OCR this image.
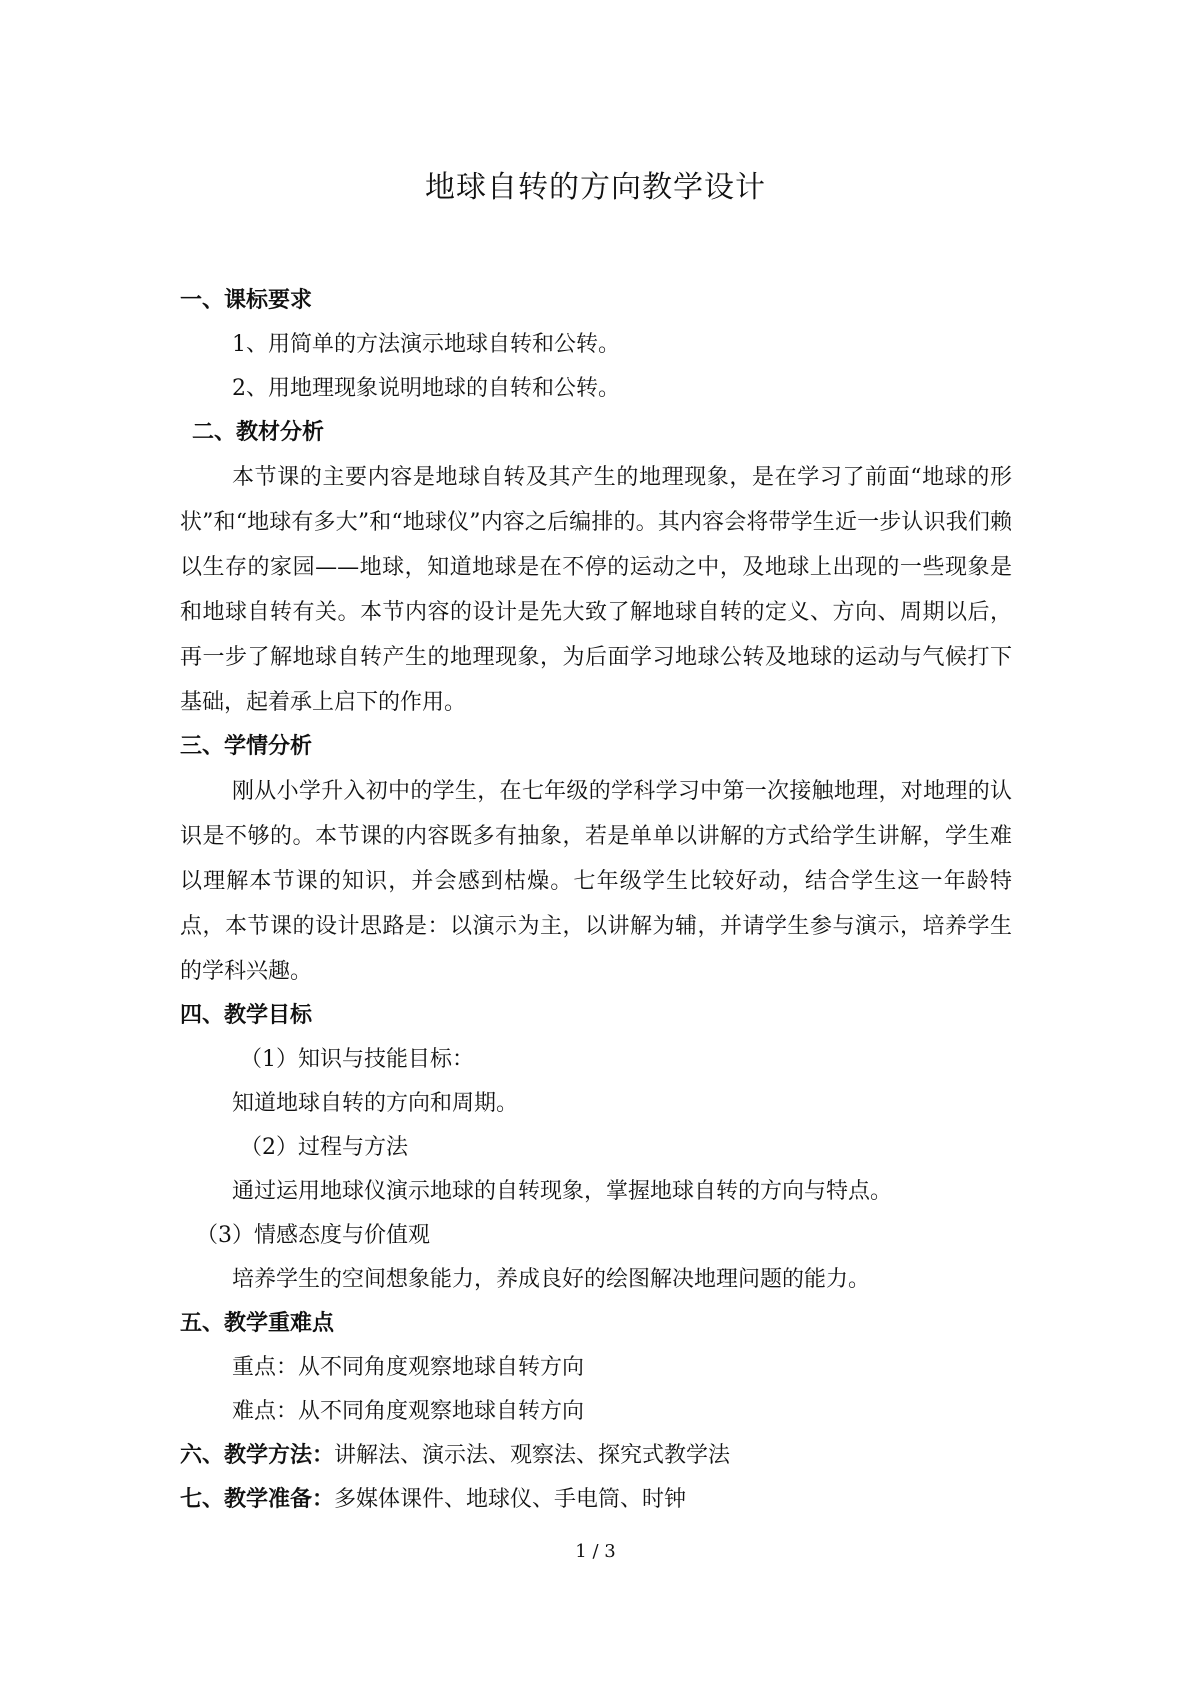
地球自转的方向教学设计
一、课标要求
1、用简单的方法演示地球自转和公转。
2、用地理现象说明地球的自转和公转。
二、教材分析
本节课的主要内容是地球自转及其产生的地理现象，是在学习了前面“地球的形状”和“地球有多大”和“地球仪”内容之后编排的。其内容会将带学生近一步认识我们赖以生存的家园——地球，知道地球是在不停的运动之中，及地球上出现的一些现象是和地球自转有关。本节内容的设计是先大致了解地球自转的定义、方向、周期以后，再一步了解地球自转产生的地理现象，为后面学习地球公转及地球的运动与气候打下基础，起着承上启下的作用。
三、学情分析
刚从小学升入初中的学生，在七年级的学科学习中第一次接触地理，对地理的认识是不够的。本节课的内容既多有抽象，若是单单以讲解的方式给学生讲解，学生难以理解本节课的知识，并会感到枯燥。七年级学生比较好动，结合学生这一年龄特点，本节课的设计思路是：以演示为主，以讲解为辅，并请学生参与演示，培养学生的学科兴趣。
四、教学目标
（1）知识与技能目标：
知道地球自转的方向和周期。
（2）过程与方法
通过运用地球仪演示地球的自转现象，掌握地球自转的方向与特点。
（3）情感态度与价值观
培养学生的空间想象能力，养成良好的绘图解决地理问题的能力。
五、教学重难点
重点：从不同角度观察地球自转方向
难点：从不同角度观察地球自转方向
六、教学方法：讲解法、演示法、观察法、探究式教学法
七、教学准备：多媒体课件、地球仪、手电筒、时钟
1 / 3
